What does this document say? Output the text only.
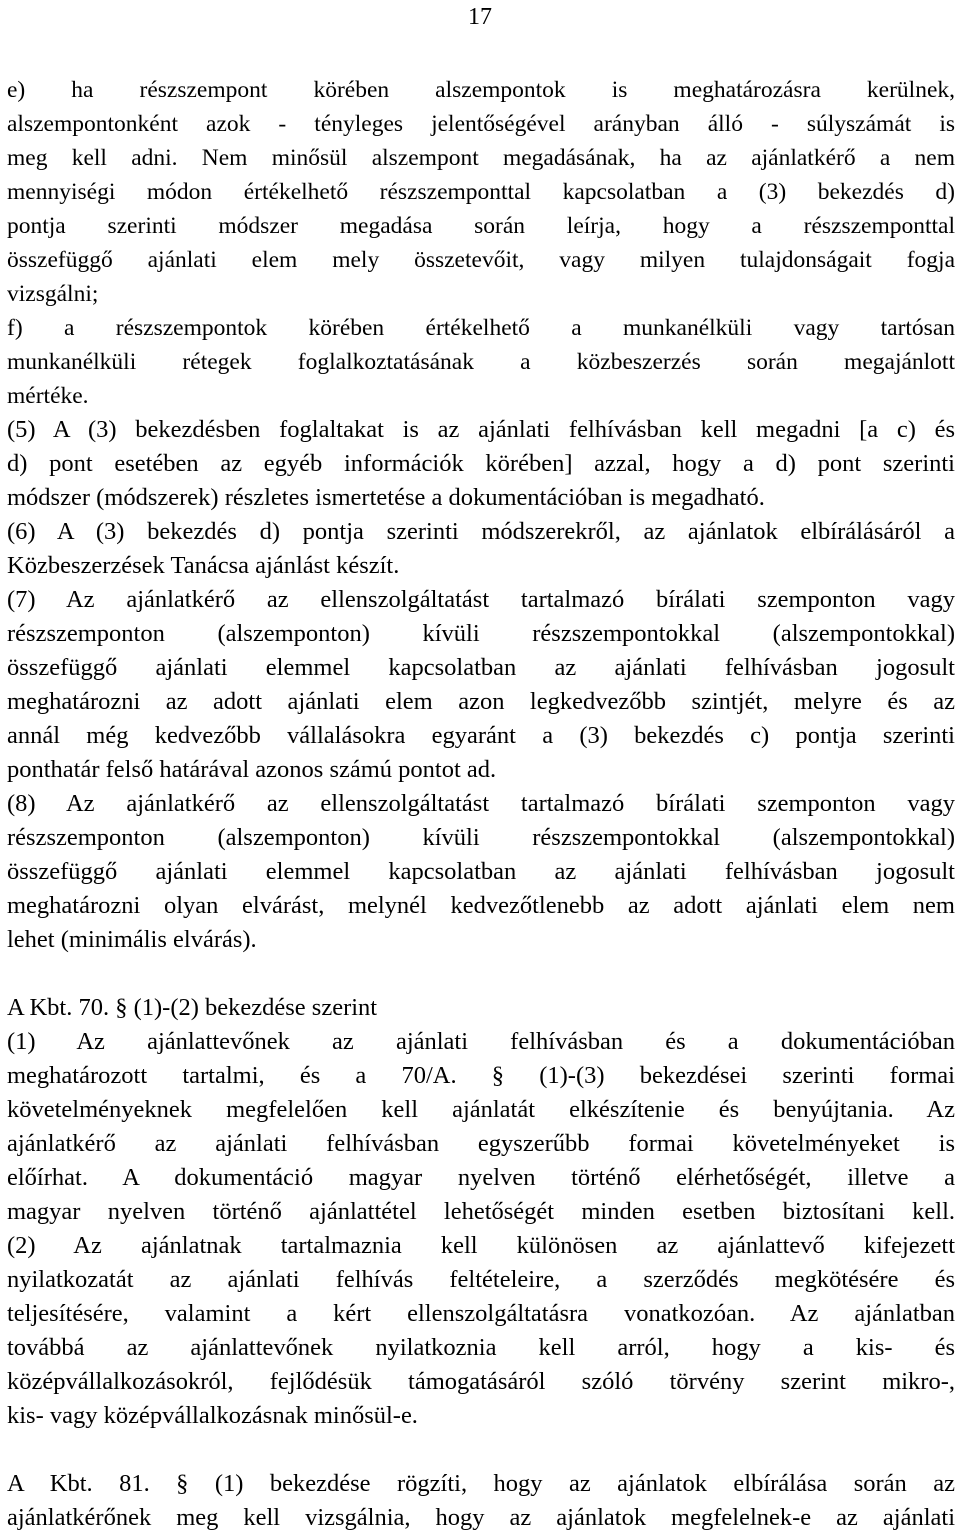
17
e) ha részszempont körében alszempontok is meghatározásra kerülnek,
alszempontonként azok - tényleges jelentőségével arányban álló - súlyszámát is
meg kell adni. Nem minősül alszempont megadásának, ha az ajánlatkérő a nem
mennyiségi módon értékelhető részszemponttal kapcsolatban a (3) bekezdés d)
pontja szerinti módszer megadása során leírja, hogy a részszemponttal
összefüggő ajánlati elem mely összetevőit, vagy milyen tulajdonságait fogja
vizsgálni;
f) a részszempontok körében értékelhető a munkanélküli vagy tartósan
munkanélküli rétegek foglalkoztatásának a közbeszerzés során megajánlott
mértéke.
(5) A (3) bekezdésben foglaltakat is az ajánlati felhívásban kell megadni [a c) és
d) pont esetében az egyéb információk körében] azzal, hogy a d) pont szerinti
módszer (módszerek) részletes ismertetése a dokumentációban is megadható.
(6) A (3) bekezdés d) pontja szerinti módszerekről, az ajánlatok elbírálásáról a
Közbeszerzések Tanácsa ajánlást készít.
(7) Az ajánlatkérő az ellenszolgáltatást tartalmazó bírálati szemponton vagy
részszemponton (alszemponton) kívüli részszempontokkal (alszempontokkal)
összefüggő ajánlati elemmel kapcsolatban az ajánlati felhívásban jogosult
meghatározni az adott ajánlati elem azon legkedvezőbb szintjét, melyre és az
annál még kedvezőbb vállalásokra egyaránt a (3) bekezdés c) pontja szerinti
ponthatár felső határával azonos számú pontot ad.
(8) Az ajánlatkérő az ellenszolgáltatást tartalmazó bírálati szemponton vagy
részszemponton (alszemponton) kívüli részszempontokkal (alszempontokkal)
összefüggő ajánlati elemmel kapcsolatban az ajánlati felhívásban jogosult
meghatározni olyan elvárást, melynél kedvezőtlenebb az adott ajánlati elem nem
lehet (minimális elvárás).
A Kbt. 70. § (1)-(2) bekezdése szerint
(1) Az ajánlattevőnek az ajánlati felhívásban és a dokumentációban
meghatározott tartalmi, és a 70/A. § (1)-(3) bekezdései szerinti formai
követelményeknek megfelelően kell ajánlatát elkészítenie és benyújtania. Az
ajánlatkérő az ajánlati felhívásban egyszerűbb formai követelményeket is
előírhat. A dokumentáció magyar nyelven történő elérhetőségét, illetve a
magyar nyelven történő ajánlattétel lehetőségét minden esetben biztosítani kell.
(2) Az ajánlatnak tartalmaznia kell különösen az ajánlattevő kifejezett
nyilatkozatát az ajánlati felhívás feltételeire, a szerződés megkötésére és
teljesítésére, valamint a kért ellenszolgáltatásra vonatkozóan. Az ajánlatban
továbbá az ajánlattevőnek nyilatkoznia kell arról, hogy a kis- és
középvállalkozásokról, fejlődésük támogatásáról szóló törvény szerint mikro-,
kis- vagy középvállalkozásnak minősül-e.
A Kbt. 81. § (1) bekezdése rögzíti, hogy az ajánlatok elbírálása során az
ajánlatkérőnek meg kell vizsgálnia, hogy az ajánlatok megfelelnek-e az ajánlati
